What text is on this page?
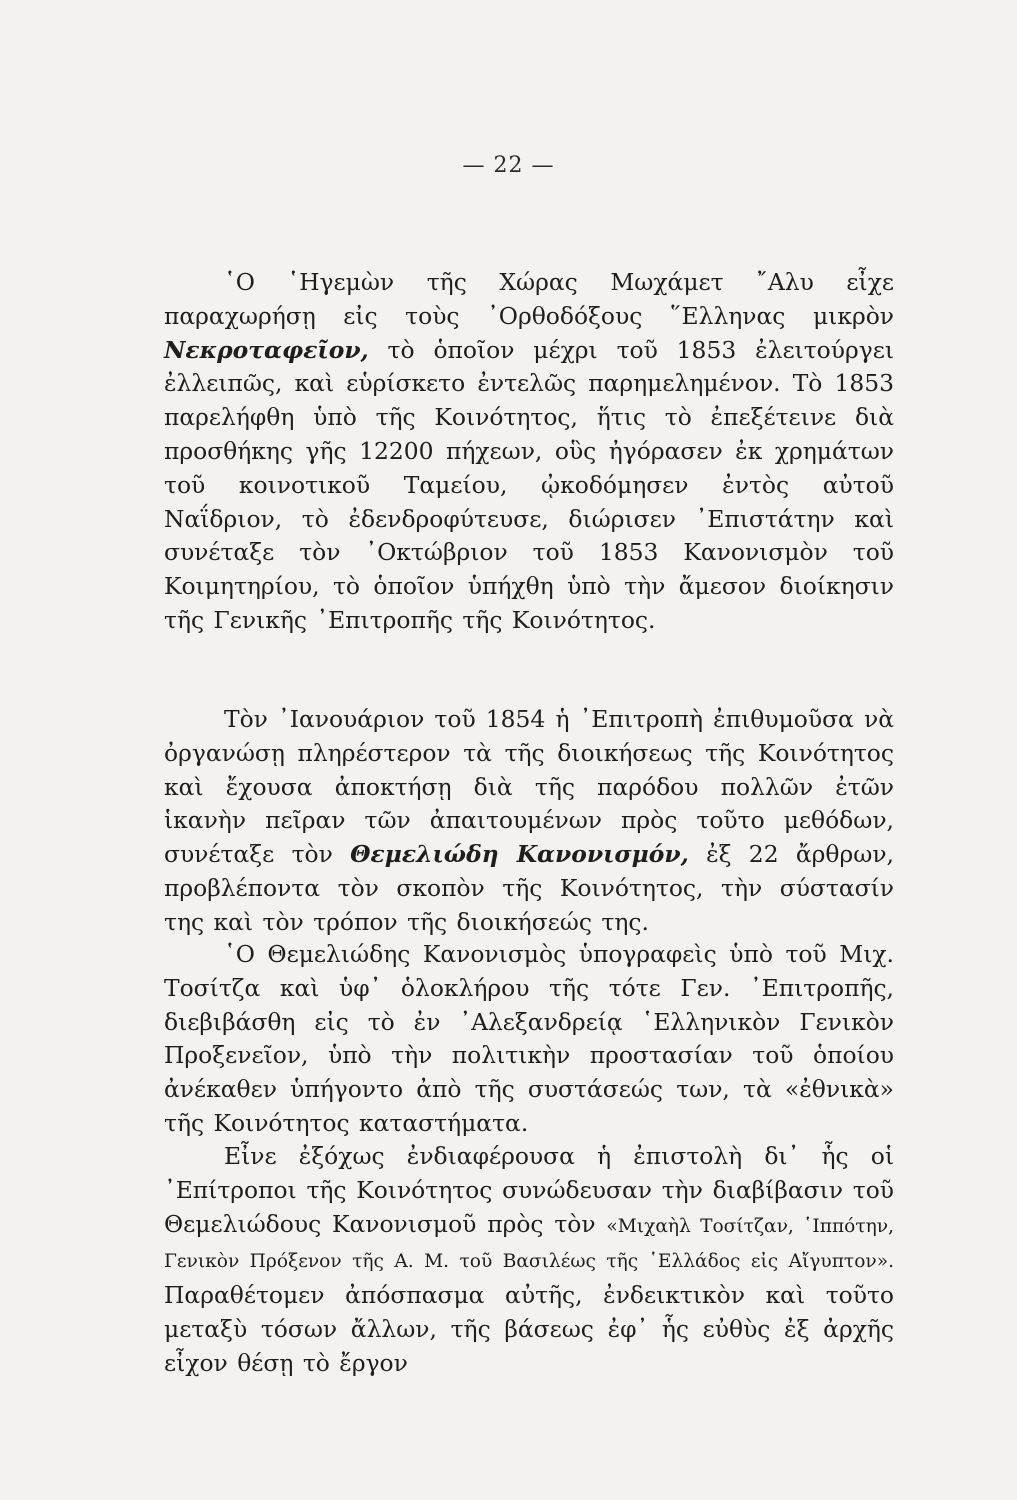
— 22 —

῾Ο ῾Ηγεμὼν τῆς Χώρας Μωχάμετ ῎Αλυ εἶχε παραχωρήσῃ εἰς τοὺς ᾿Ορθοδόξους ῞Ελληνας μικρὸν Νεκροταφεῖον, τὸ ὁποῖον μέχρι τοῦ 1853 ἐλειτούργει ἐλλειπῶς, καὶ εὑρίσκετο ἐντελῶς παρημελημένον. Τὸ 1853 παρελήφθη ὑπὸ τῆς Κοινότητος, ἥτις τὸ ἐπεξέτεινε διὰ προσθήκης γῆς 12200 πήχεων, οὓς ἠγόρασεν ἐκ χρημάτων τοῦ κοινοτικοῦ Ταμείου, ᾠκοδόμησεν ἐντὸς αὐτοῦ Ναΐδριον, τὸ ἐδενδροφύτευσε, διώρισεν ᾿Επιστάτην καὶ συνέταξε τὸν ᾿Οκτώβριον τοῦ 1853 Κανονισμὸν τοῦ Κοιμητηρίου, τὸ ὁποῖον ὑπήχθη ὑπὸ τὴν ἄμεσον διοίκησιν τῆς Γενικῆς ᾿Επιτροπῆς τῆς Κοινότητος.

Τὸν ᾿Ιανουάριον τοῦ 1854 ἡ ᾿Επιτροπὴ ἐπιθυμοῦσα νὰ ὀργανώσῃ πληρέστερον τὰ τῆς διοικήσεως τῆς Κοινότητος καὶ ἔχουσα ἀποκτήσῃ διὰ τῆς παρόδου πολλῶν ἐτῶν ἱκανὴν πεῖραν τῶν ἀπαιτουμένων πρὸς τοῦτο μεθόδων, συνέταξε τὸν Θεμελιώδη Κανονισμόν, ἐξ 22 ἄρθρων, προβλέποντα τὸν σκοπὸν τῆς Κοινότητος, τὴν σύστασίν της καὶ τὸν τρόπον τῆς διοικήσεώς της.

῾Ο Θεμελιώδης Κανονισμὸς ὑπογραφεὶς ὑπὸ τοῦ Μιχ. Τοσίτζα καὶ ὑφ᾿ ὁλοκλήρου τῆς τότε Γεν. ᾿Επιτροπῆς, διεβιβάσθη εἰς τὸ ἐν ᾿Αλεξανδρείᾳ ῾Ελληνικὸν Γενικὸν Προξενεῖον, ὑπὸ τὴν πολιτικὴν προστασίαν τοῦ ὁποίου ἀνέκαθεν ὑπήγοντο ἀπὸ τῆς συστάσεώς των, τὰ «ἐθνικὰ» τῆς Κοινότητος καταστήματα.

Εἶνε ἐξόχως ἐνδιαφέρουσα ἡ ἐπιστολὴ δι᾿ ἧς οἱ ᾿Επίτροποι τῆς Κοινότητος συνώδευσαν τὴν διαβίβασιν τοῦ Θεμελιώδους Κανονισμοῦ πρὸς τὸν «Μιχαὴλ Τοσίτζαν, ῾Ιππότην, Γενικὸν Πρόξενον τῆς Α. Μ. τοῦ Βασιλέως τῆς ῾Ελλάδος εἰς Αἴγυπτον». Παραθέτομεν ἀπόσπασμα αὐτῆς, ἐνδεικτικὸν καὶ τοῦτο μεταξὺ τόσων ἄλλων, τῆς βάσεως ἐφ᾿ ἧς εὐθὺς ἐξ ἀρχῆς εἶχον θέσῃ τὸ ἔργον
